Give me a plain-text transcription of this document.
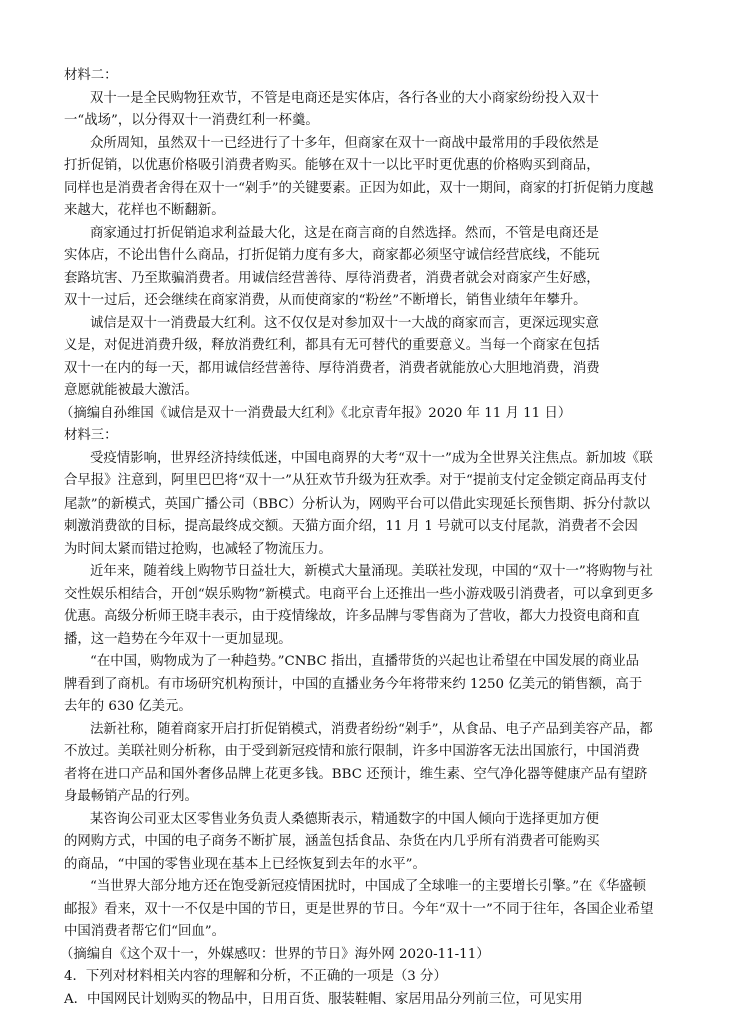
材料二：
双十一是全民购物狂欢节，不管是电商还是实体店，各行各业的大小商家纷纷投入双十
一“战场”，以分得双十一消费红利一杯羹。
众所周知，虽然双十一已经进行了十多年，但商家在双十一商战中最常用的手段依然是
打折促销，以优惠价格吸引消费者购买。能够在双十一以比平时更优惠的价格购买到商品，
同样也是消费者舍得在双十一“剁手”的关键要素。正因为如此，双十一期间，商家的打折促销力度越
来越大，花样也不断翻新。
商家通过打折促销追求利益最大化，这是在商言商的自然选择。然而，不管是电商还是
实体店，不论出售什么商品，打折促销力度有多大，商家都必须坚守诚信经营底线，不能玩
套路坑害、乃至欺骗消费者。用诚信经营善待、厚待消费者，消费者就会对商家产生好感，
双十一过后，还会继续在商家消费，从而使商家的“粉丝”不断增长，销售业绩年年攀升。
诚信是双十一消费最大红利。这不仅仅是对参加双十一大战的商家而言，更深远现实意
义是，对促进消费升级，释放消费红利，都具有无可替代的重要意义。当每一个商家在包括
双十一在内的每一天，都用诚信经营善待、厚待消费者，消费者就能放心大胆地消费，消费
意愿就能被最大激活。
（摘编自孙维国《诚信是双十一消费最大红利》《北京青年报》2020 年 11 月 11 日）
材料三：
受疫情影响，世界经济持续低迷，中国电商界的大考“双十一”成为全世界关注焦点。新加坡《联
合早报》注意到，阿里巴巴将“双十一”从狂欢节升级为狂欢季。对于“提前支付定金锁定商品再支付
尾款”的新模式，英国广播公司（BBC）分析认为，网购平台可以借此实现延长预售期、拆分付款以
刺激消费欲的目标，提高最终成交额。天猫方面介绍，11 月 1 号就可以支付尾款，消费者不会因
为时间太紧而错过抢购，也减轻了物流压力。
近年来，随着线上购物节日益壮大，新模式大量涌现。美联社发现，中国的“双十一”将购物与社
交性娱乐相结合，开创“娱乐购物”新模式。电商平台上还推出一些小游戏吸引消费者，可以拿到更多
优惠。高级分析师王晓丰表示，由于疫情缘故，许多品牌与零售商为了营收，都大力投资电商和直
播，这一趋势在今年双十一更加显现。
“在中国，购物成为了一种趋势。”CNBC 指出，直播带货的兴起也让希望在中国发展的商业品
牌看到了商机。有市场研究机构预计，中国的直播业务今年将带来约 1250 亿美元的销售额，高于
去年的 630 亿美元。
法新社称，随着商家开启打折促销模式，消费者纷纷“剁手”，从食品、电子产品到美容产品，都
不放过。美联社则分析称，由于受到新冠疫情和旅行限制，许多中国游客无法出国旅行，中国消费
者将在进口产品和国外奢侈品牌上花更多钱。BBC 还预计，维生素、空气净化器等健康产品有望跻
身最畅销产品的行列。
某咨询公司亚太区零售业务负责人桑德斯表示，精通数字的中国人倾向于选择更加方便
的网购方式，中国的电子商务不断扩展，涵盖包括食品、杂货在内几乎所有消费者可能购买
的商品，“中国的零售业现在基本上已经恢复到去年的水平”。
“当世界大部分地方还在饱受新冠疫情困扰时，中国成了全球唯一的主要增长引擎。”在《华盛顿
邮报》看来，双十一不仅是中国的节日，更是世界的节日。今年“双十一”不同于往年，各国企业希望
中国消费者帮它们“回血”。
（摘编自《这个双十一，外媒感叹：世界的节日》海外网 2020-11-11）
4．下列对材料相关内容的理解和分析，不正确的一项是（3 分）
A．中国网民计划购买的物品中，日用百货、服装鞋帽、家居用品分列前三位，可见实用
